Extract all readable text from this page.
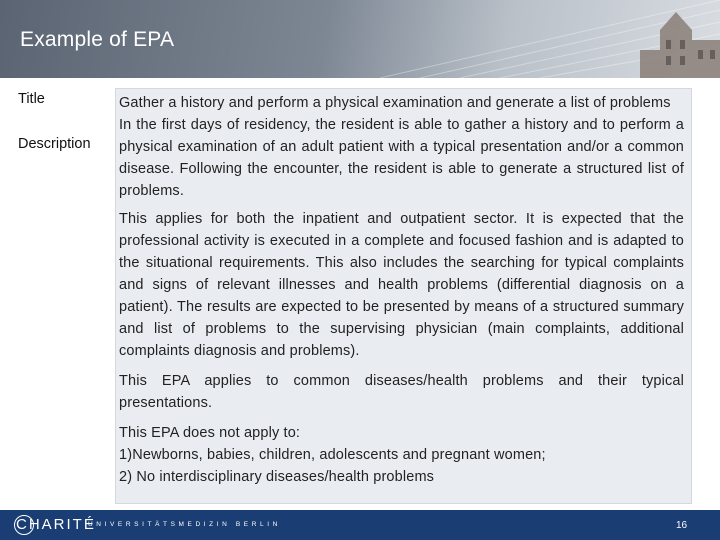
Example of EPA
Title
Description

Gather a history and perform a physical examination and generate a list of problems

In the first days of residency, the resident is able to gather a history and to perform a physical examination of an adult patient with a typical presentation and/or a common disease. Following the encounter, the resident is able to generate a structured list of problems.

This applies for both the inpatient and outpatient sector. It is expected that the professional activity is executed in a complete and focused fashion and is adapted to the situational requirements. This also includes the searching for typical complaints and signs of relevant illnesses and health problems (differential diagnosis on a patient). The results are expected to be presented by means of a structured summary and list of problems to the supervising physician (main complaints, additional complaints diagnosis and problems).

This EPA applies to common diseases/health problems and their typical presentations.

This EPA does not apply to:

1)Newborns, babies, children, adolescents and pregnant women;

2) No interdisciplinary diseases/health problems

CHARITÉ
UNIVERSITÄTSMEDIZIN BERLIN	16
